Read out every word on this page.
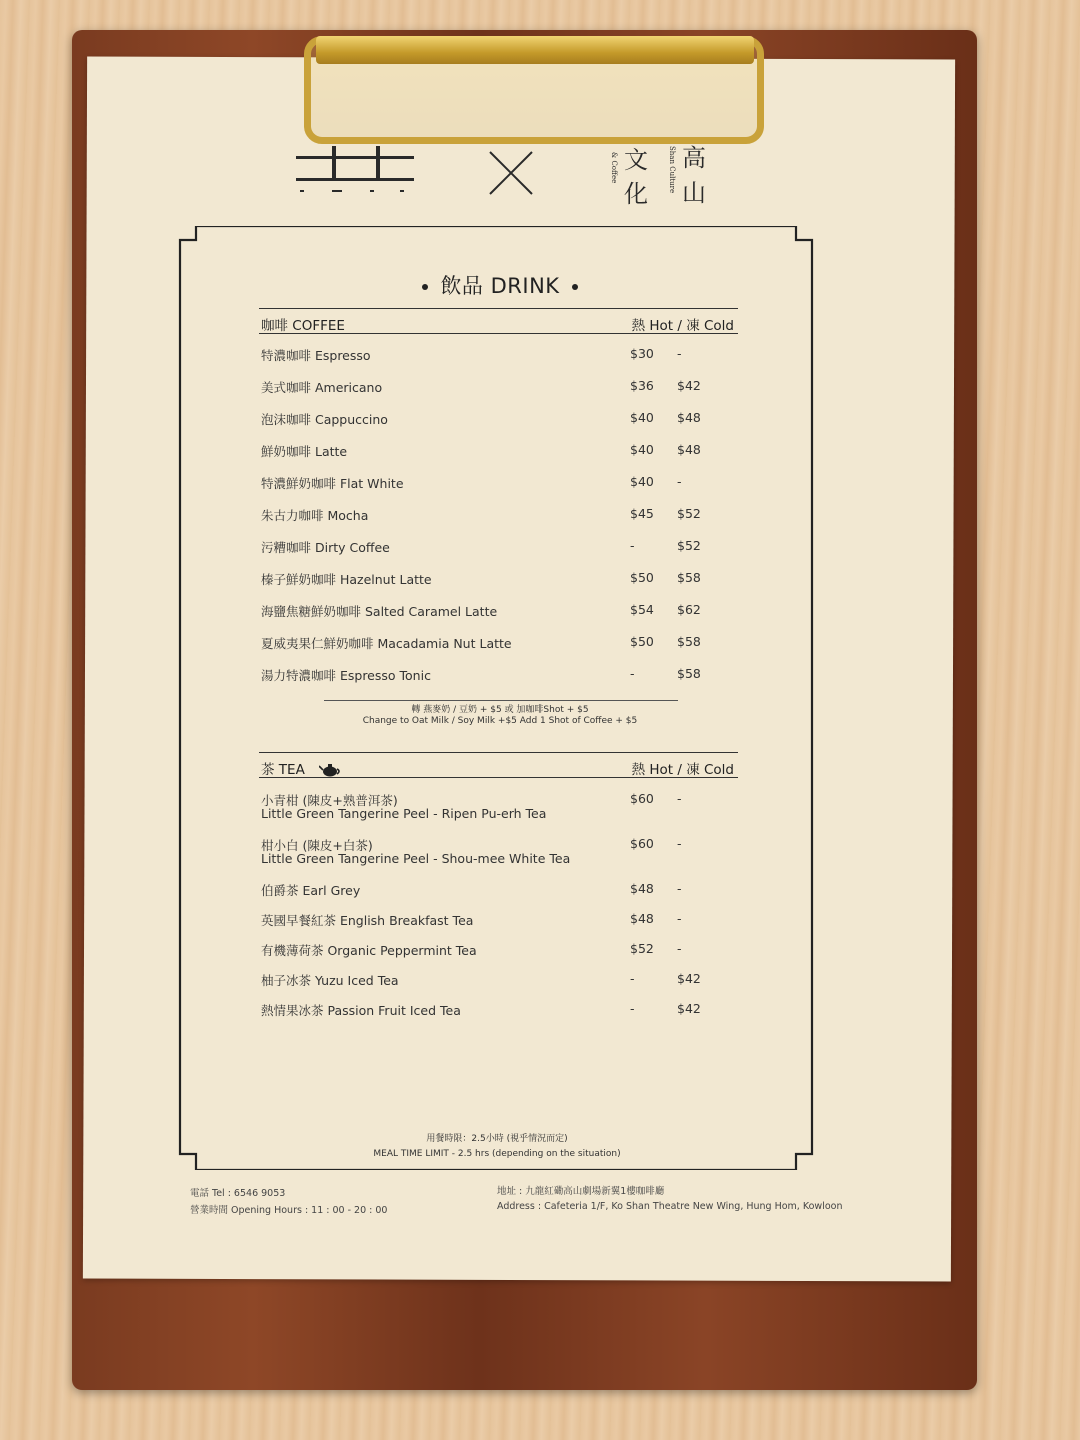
高山
文
化
Shan Culture
& Coffee
飲品 DRINK
咖啡 COFFEE	熱 Hot / 凍 Cold
特濃咖啡 Espresso	$30 -
美式咖啡 Americano	$36 $42
泡沫咖啡 Cappuccino	$40 $48
鮮奶咖啡 Latte	$40 $48
特濃鮮奶咖啡 Flat White	$40 -
朱古力咖啡 Mocha	$45 $52
污糟咖啡 Dirty Coffee	-	$52
榛子鮮奶咖啡 Hazelnut Latte	$50 $58
海鹽焦糖鮮奶咖啡 Salted Caramel Latte	$54 $62
夏威夷果仁鮮奶咖啡 Macadamia Nut Latte	$50 $58
湯力特濃咖啡 Espresso Tonic	-	$58
轉 燕麥奶 / 豆奶 + $5 或 加咖啡Shot + $5
Change to Oat Milk / Soy Milk +$5 Add 1 Shot of Coffee + $5
茶 TEA	熱 Hot / 凍 Cold
小青柑 (陳皮+熟普洱茶)
Little Green Tangerine Peel - Ripen Pu-erh Tea
$60 -
柑小白 (陳皮+白茶)
Little Green Tangerine Peel - Shou-mee White Tea
$60 -
伯爵茶 Earl Grey	$48 -
英國早餐紅茶 English Breakfast Tea	$48 -
有機薄荷茶 Organic Peppermint Tea	$52 -
柚子冰茶 Yuzu Iced Tea	-	$42
熱情果冰茶 Passion Fruit Iced Tea	-	$42
用餐時限：2.5小時 (視乎情況而定)
MEAL TIME LIMIT - 2.5 hrs (depending on the situation)
電話 Tel : 6546 9053
營業時間 Opening Hours : 11 : 00 - 20 : 00
地址 : 九龍紅磡高山劇場新翼1樓咖啡廳
Address : Cafeteria 1/F, Ko Shan Theatre New Wing, Hung Hom, Kowloon
